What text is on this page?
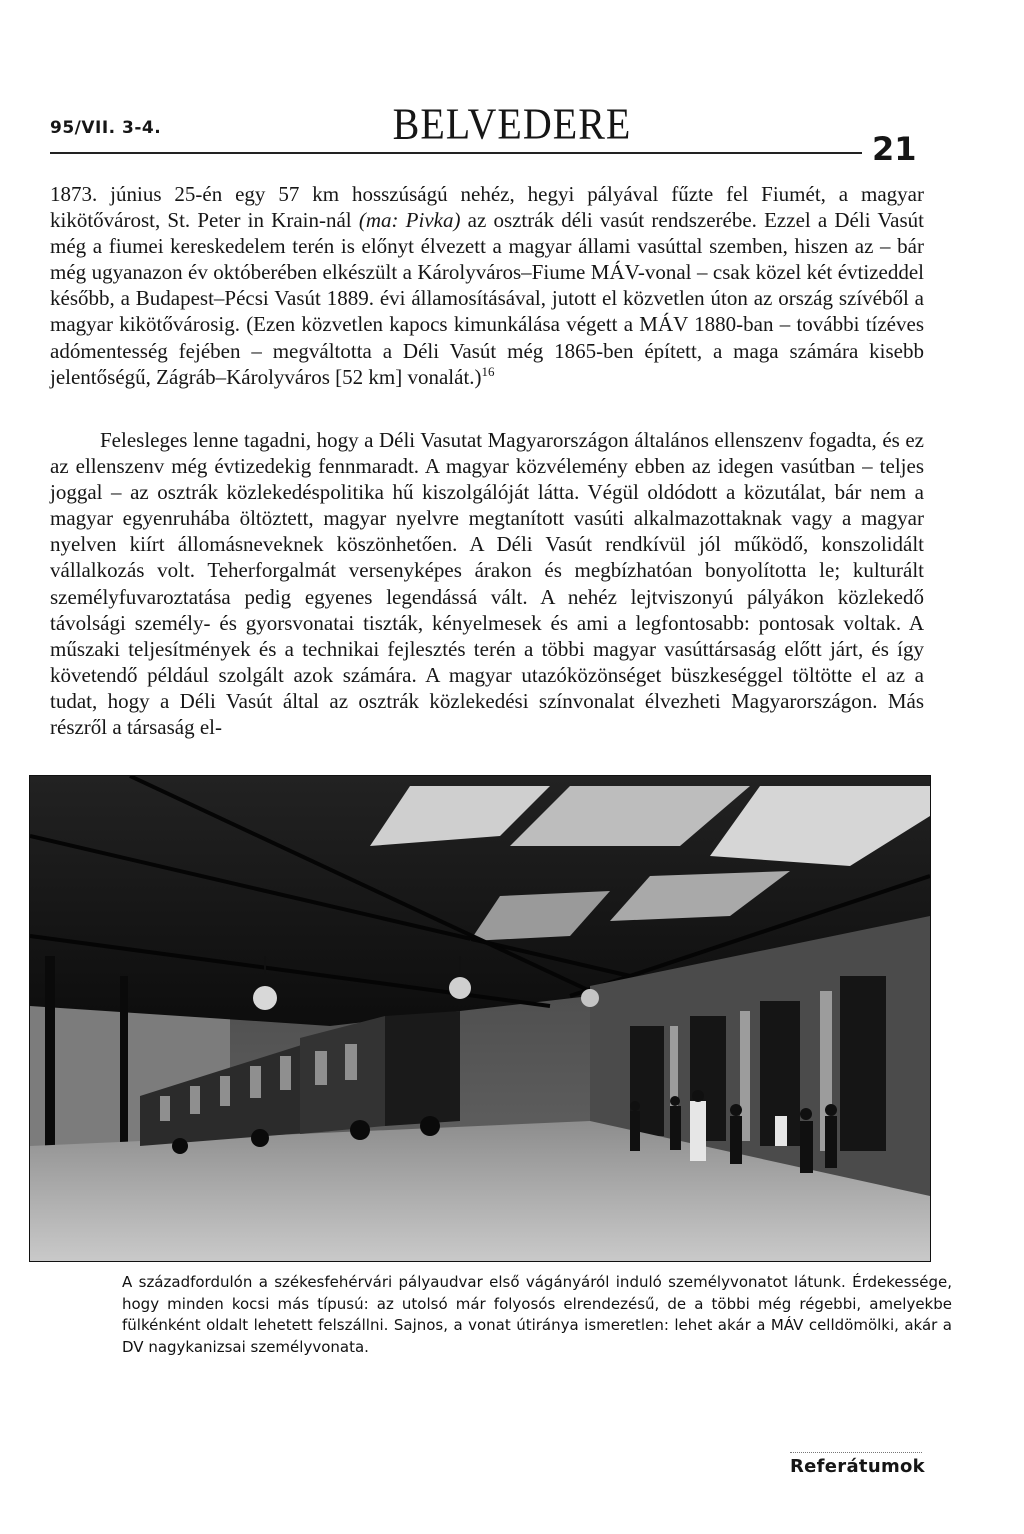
95/VII. 3-4.	BELVEDERE
21
1873. június 25-én egy 57 km hosszúságú nehéz, hegyi pályával fűzte fel Fiumét, a magyar kikötővárost, St. Peter in Krain-nál (ma: Pivka) az osztrák déli vasút rendszerébe. Ezzel a Déli Vasút még a fiumei kereskedelem terén is előnyt élvezett a magyar állami vasúttal szemben, hiszen az – bár még ugyanazon év októberében elkészült a Károlyváros–Fiume MÁV-vonal – csak közel két évtizeddel később, a Budapest–Pécsi Vasút 1889. évi államosításával, jutott el közvetlen úton az ország szívéből a magyar kikötővárosig. (Ezen közvetlen kapocs kimunkálása végett a MÁV 1880-ban – további tízéves adómentesség fejében – megváltotta a Déli Vasút még 1865-ben épített, a maga számára kisebb jelentőségű, Zágráb–Károlyváros [52 km] vonalát.)$^{16}$
Felesleges lenne tagadni, hogy a Déli Vasutat Magyarországon általános ellenszenv fogadta, és ez az ellenszenv még évtizedekig fennmaradt. A magyar közvélemény ebben az idegen vasútban – teljes joggal – az osztrák közlekedéspolitika hű kiszolgálóját látta. Végül oldódott a közutálat, bár nem a magyar egyenruhába öltöztett, magyar nyelvre megtanított vasúti alkalmazottaknak vagy a magyar nyelven kiírt állomásneveknek köszönhetően. A Déli Vasút rendkívül jól működő, konszolidált vállalkozás volt. Teherforgalmát versenyképes árakon és megbízhatóan bonyolította le; kulturált személyfuvaroztatása pedig egyenes legendássá vált. A nehéz lejtviszonyú pályákon közlekedő távolsági személy- és gyorsvonatai tiszták, kényelmesek és ami a legfontosabb: pontosak voltak. A műszaki teljesítmények és a technikai fejlesztés terén a többi magyar vasúttársaság előtt járt, és így követendő például szolgált azok számára. A magyar utazóközönséget büszkeséggel töltötte el az a tudat, hogy a Déli Vasút által az osztrák közlekedési színvonalat élvezheti Magyarországon. Más részről a társaság el-
A századfordulón a székesfehérvári pályaudvar első vágányáról induló személyvonatot látunk. Érdekessége, hogy minden kocsi más típusú: az utolsó már folyosós elrendezésű, de a többi még régebbi, amelyekbe fülkénként oldalt lehetett felszállni. Sajnos, a vonat útiránya ismeretlen: lehet akár a MÁV celldömölki, akár a DV nagykanizsai személyvonata.
Referátumok
